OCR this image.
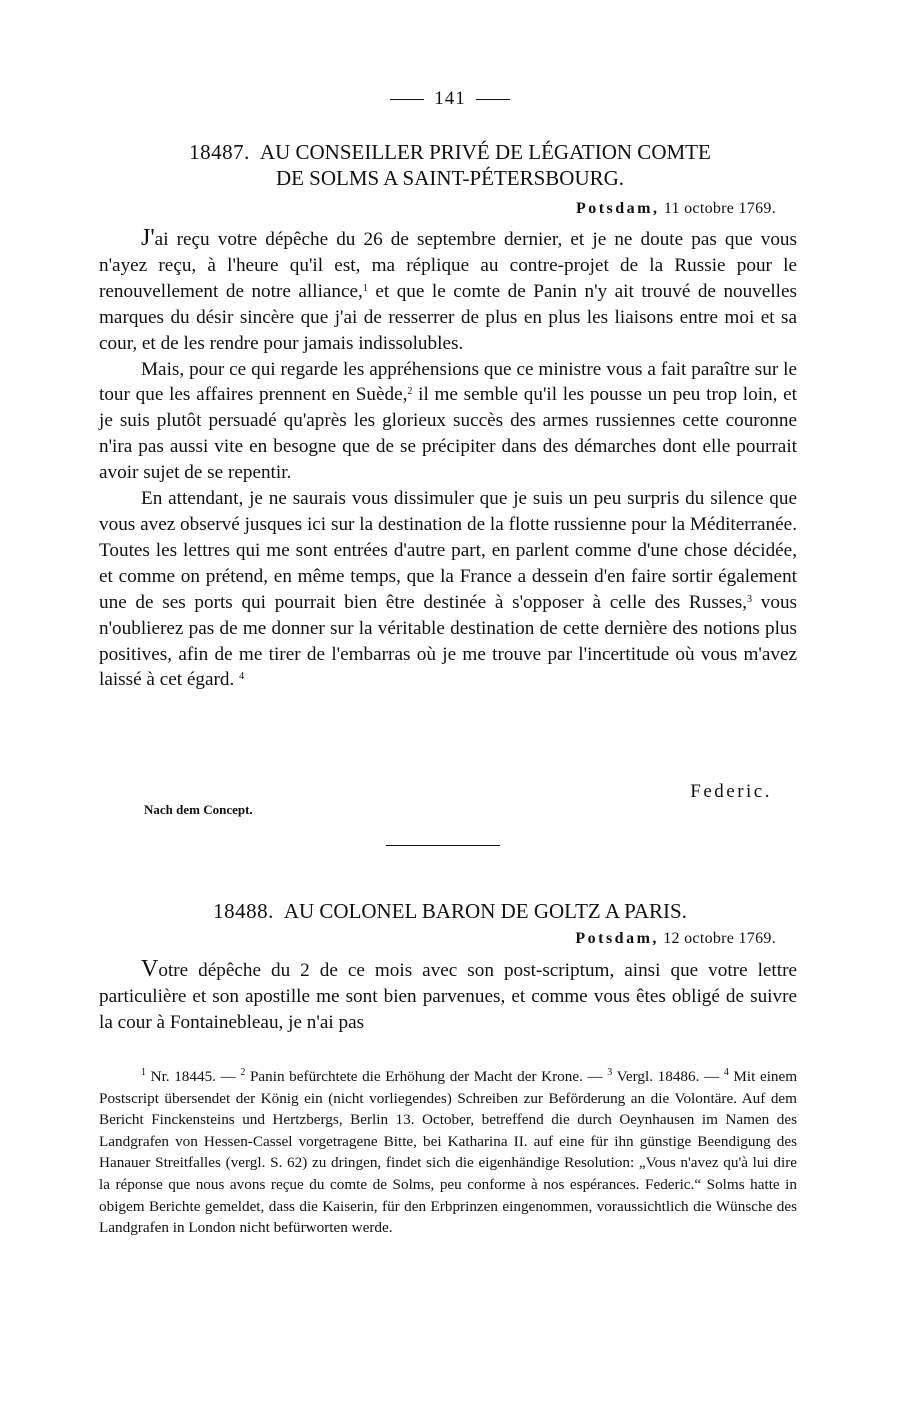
141
18487. AU CONSEILLER PRIVÉ DE LÉGATION COMTE
DE SOLMS A SAINT-PÉTERSBOURG.
Potsdam, 11 octobre 1769.

J'ai reçu votre dépêche du 26 de septembre dernier, et je ne doute pas que vous n'ayez reçu, à l'heure qu'il est, ma réplique au contre-projet de la Russie pour le renouvellement de notre alliance,$^1$ et que le comte de Panin n'y ait trouvé de nouvelles marques du désir sincère que j'ai de resserrer de plus en plus les liaisons entre moi et sa cour, et de les rendre pour jamais indissolubles.

Mais, pour ce qui regarde les appréhensions que ce ministre vous a fait paraître sur le tour que les affaires prennent en Suède,$^2$ il me semble qu'il les pousse un peu trop loin, et je suis plutôt persuadé qu'après les glorieux succès des armes russiennes cette couronne n'ira pas aussi vite en besogne que de se précipiter dans des démarches dont elle pourrait avoir sujet de se repentir.

En attendant, je ne saurais vous dissimuler que je suis un peu surpris du silence que vous avez observé jusques ici sur la destination de la flotte russienne pour la Méditerranée. Toutes les lettres qui me sont entrées d'autre part, en parlent comme d'une chose décidée, et comme on prétend, en même temps, que la France a dessein d'en faire sortir également une de ses ports qui pourrait bien être destinée à s'opposer à celle des Russes,$^3$ vous n'oublierez pas de me donner sur la véritable destination de cette dernière des notions plus positives, afin de me tirer de l'embarras où je me trouve par l'incertitude où vous m'avez laissé à cet égard. $^4$

Federic.
Nach dem Concept.
18488. AU COLONEL BARON DE GOLTZ A PARIS.
Potsdam, 12 octobre 1769.

Votre dépêche du 2 de ce mois avec son post-scriptum, ainsi que votre lettre particulière et son apostille me sont bien parvenues, et comme vous êtes obligé de suivre la cour à Fontainebleau, je n'ai pas

$^1$ Nr. 18445. — $^2$ Panin befürchtete die Erhöhung der Macht der Krone. — $^3$ Vergl. 18486. — $^4$ Mit einem Postscript übersendet der König ein (nicht vorliegendes) Schreiben zur Beförderung an die Volontäre. Auf dem Bericht Finckensteins und Hertzbergs, Berlin 13. October, betreffend die durch Oeynhausen im Namen des Landgrafen von Hessen-Cassel vorgetragene Bitte, bei Katharina II. auf eine für ihn günstige Beendigung des Hanauer Streitfalles (vergl. S. 62) zu dringen, findet sich die eigenhändige Resolution: „Vous n'avez qu'à lui dire la réponse que nous avons reçue du comte de Solms, peu conforme à nos espérances. Federic.“ Solms hatte in obigem Berichte gemeldet, dass die Kaiserin, für den Erbprinzen eingenommen, voraussichtlich die Wünsche des Landgrafen in London nicht befürworten werde.
